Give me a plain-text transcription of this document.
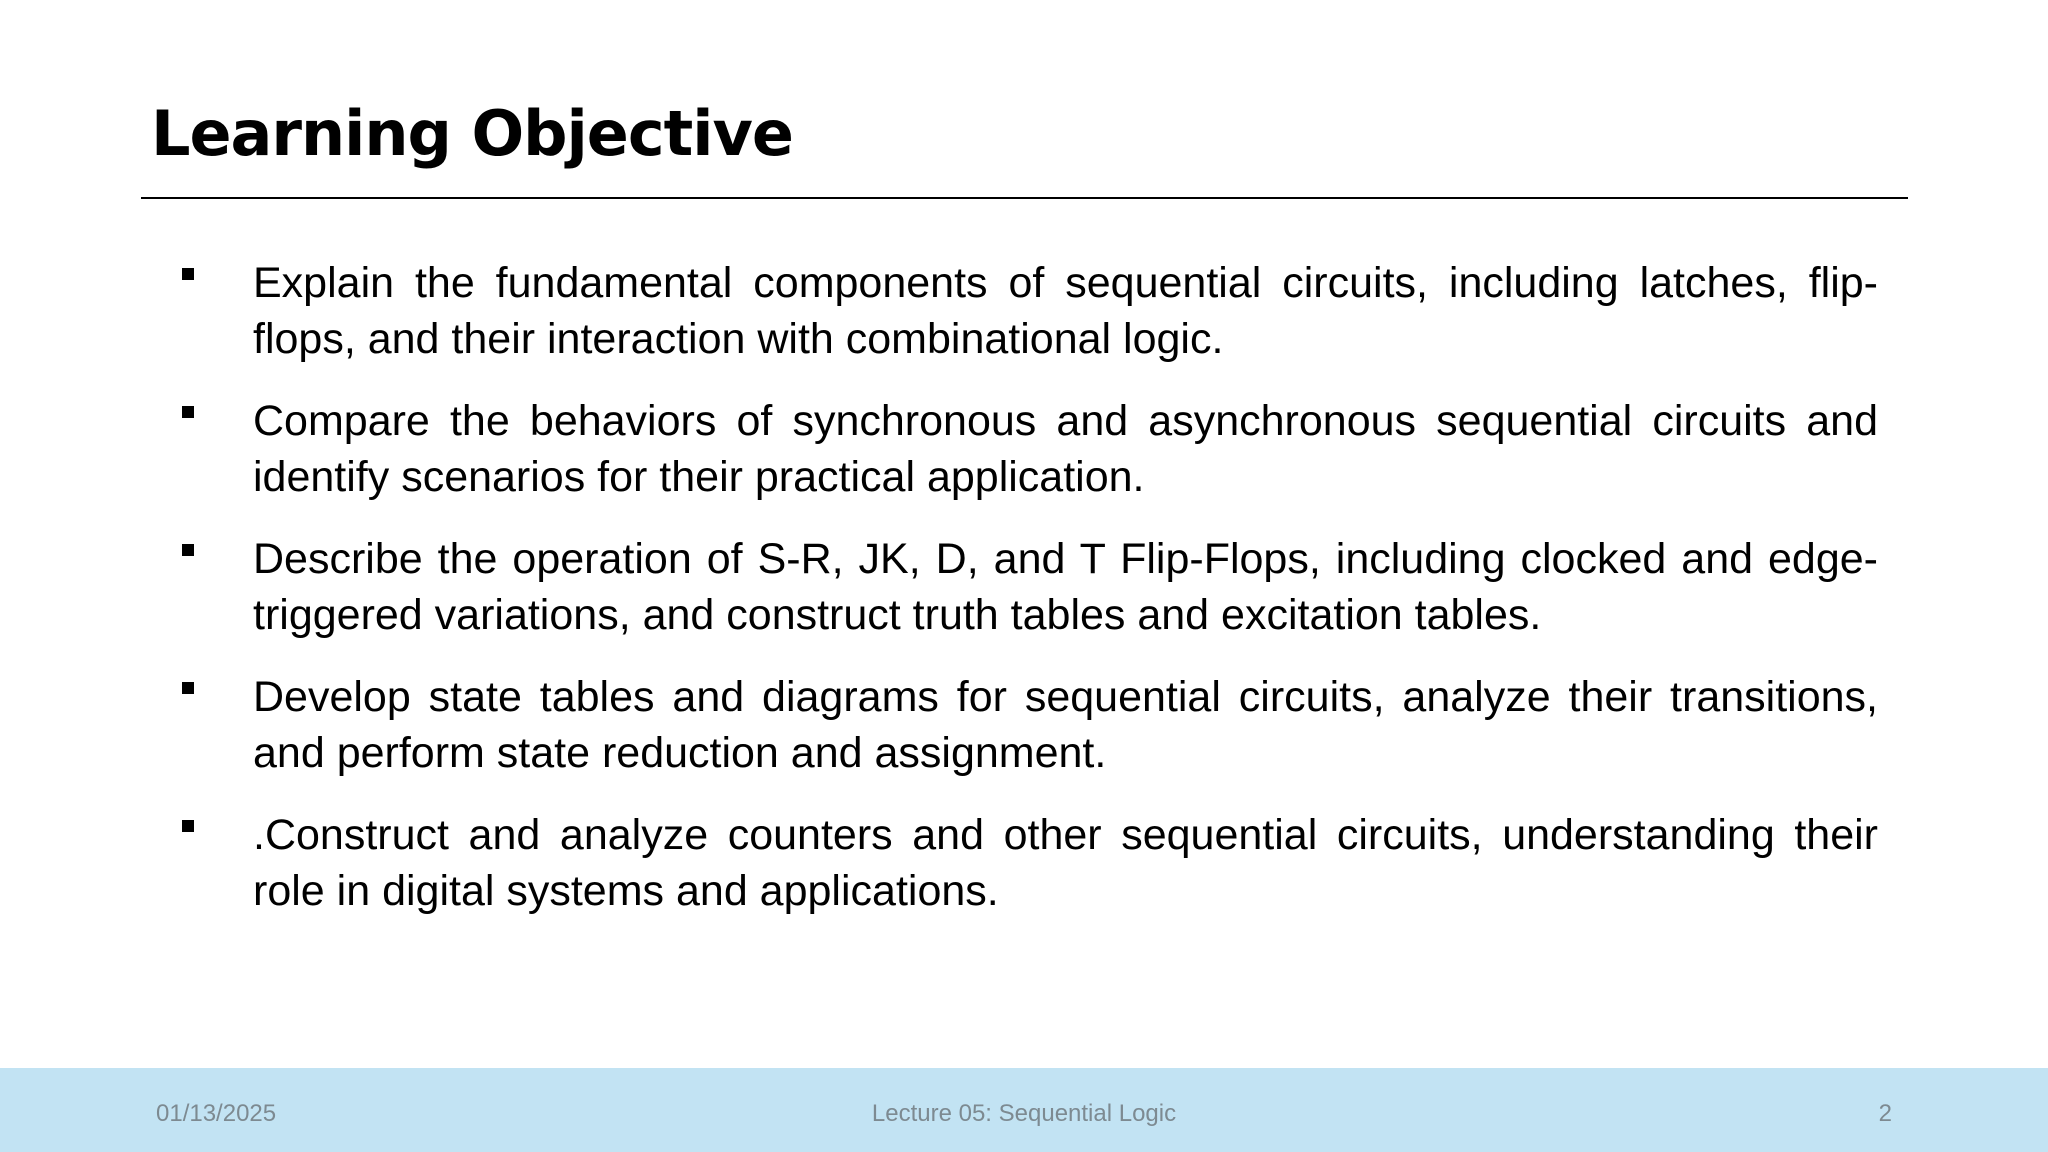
Learning Objective
Explain the fundamental components of sequential circuits, including latches, flip-flops, and their interaction with combinational logic.
Compare the behaviors of synchronous and asynchronous sequential circuits and identify scenarios for their practical application.
Describe the operation of S-R, JK, D, and T Flip-Flops, including clocked and edge-triggered variations, and construct truth tables and excitation tables.
Develop state tables and diagrams for sequential circuits, analyze their transitions, and perform state reduction and assignment.
.Construct and analyze counters and other sequential circuits, understanding their role in digital systems and applications.
01/13/2025	Lecture 05: Sequential Logic	2
